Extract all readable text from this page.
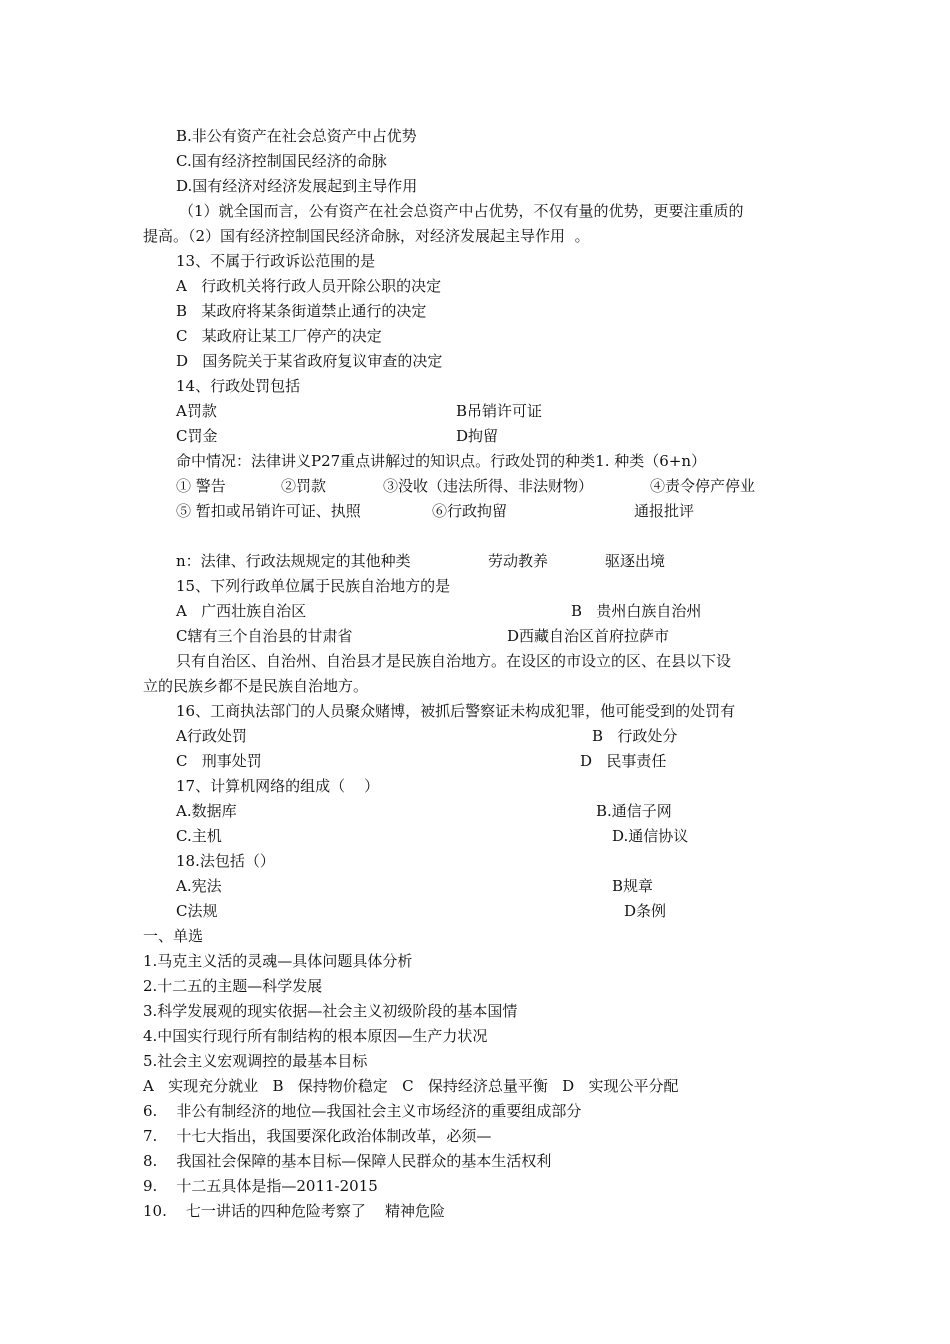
B.非公有资产在社会总资产中占优势
C.国有经济控制国民经济的命脉
D.国有经济对经济发展起到主导作用
（1）就全国而言，公有资产在社会总资产中占优势，不仅有量的优势，更要注重质的
提高。（2）国有经济控制国民经济命脉，对经济发展起主导作用  。
13、不属于行政诉讼范围的是
A   行政机关将行政人员开除公职的决定
B   某政府将某条街道禁止通行的决定
C   某政府让某工厂停产的决定
D   国务院关于某省政府复议审查的决定
14、行政处罚包括
A罚款	B吊销许可证
C罚金	D拘留
命中情况：法律讲义P27重点讲解过的知识点。行政处罚的种类1. 种类（6+n）
① 警告	②罚款	③没收（违法所得、非法财物）	④责令停产停业
⑤ 暂扣或吊销许可证、执照	⑥行政拘留	通报批评
n：法律、行政法规规定的其他种类	劳动教养	驱逐出境
15、下列行政单位属于民族自治地方的是
A   广西壮族自治区	B   贵州白族自治州
C辖有三个自治县的甘肃省	D西藏自治区首府拉萨市
只有自治区、自治州、自治县才是民族自治地方。在设区的市设立的区、在县以下设
立的民族乡都不是民族自治地方。
16、工商执法部门的人员聚众赌博，被抓后警察证未构成犯罪，他可能受到的处罚有
A行政处罚	B   行政处分
C   刑事处罚	D   民事责任
17、计算机网络的组成（    ）
A.数据库	B.通信子网
C.主机	D.通信协议
18.法包括（）
A.宪法	B规章
C法规	D条例
一、单选
1.马克主义活的灵魂—具体问题具体分析
2.十二五的主题—科学发展
3.科学发展观的现实依据—社会主义初级阶段的基本国情
4.中国实行现行所有制结构的根本原因—生产力状况
5.社会主义宏观调控的最基本目标
A   实现充分就业   B   保持物价稳定   C   保持经济总量平衡   D   实现公平分配
6.    非公有制经济的地位—我国社会主义市场经济的重要组成部分
7.    十七大指出，我国要深化政治体制改革，必须—
8.    我国社会保障的基本目标—保障人民群众的基本生活权利
9.    十二五具体是指—2011-2015
10.    七一讲话的四种危险考察了    精神危险
